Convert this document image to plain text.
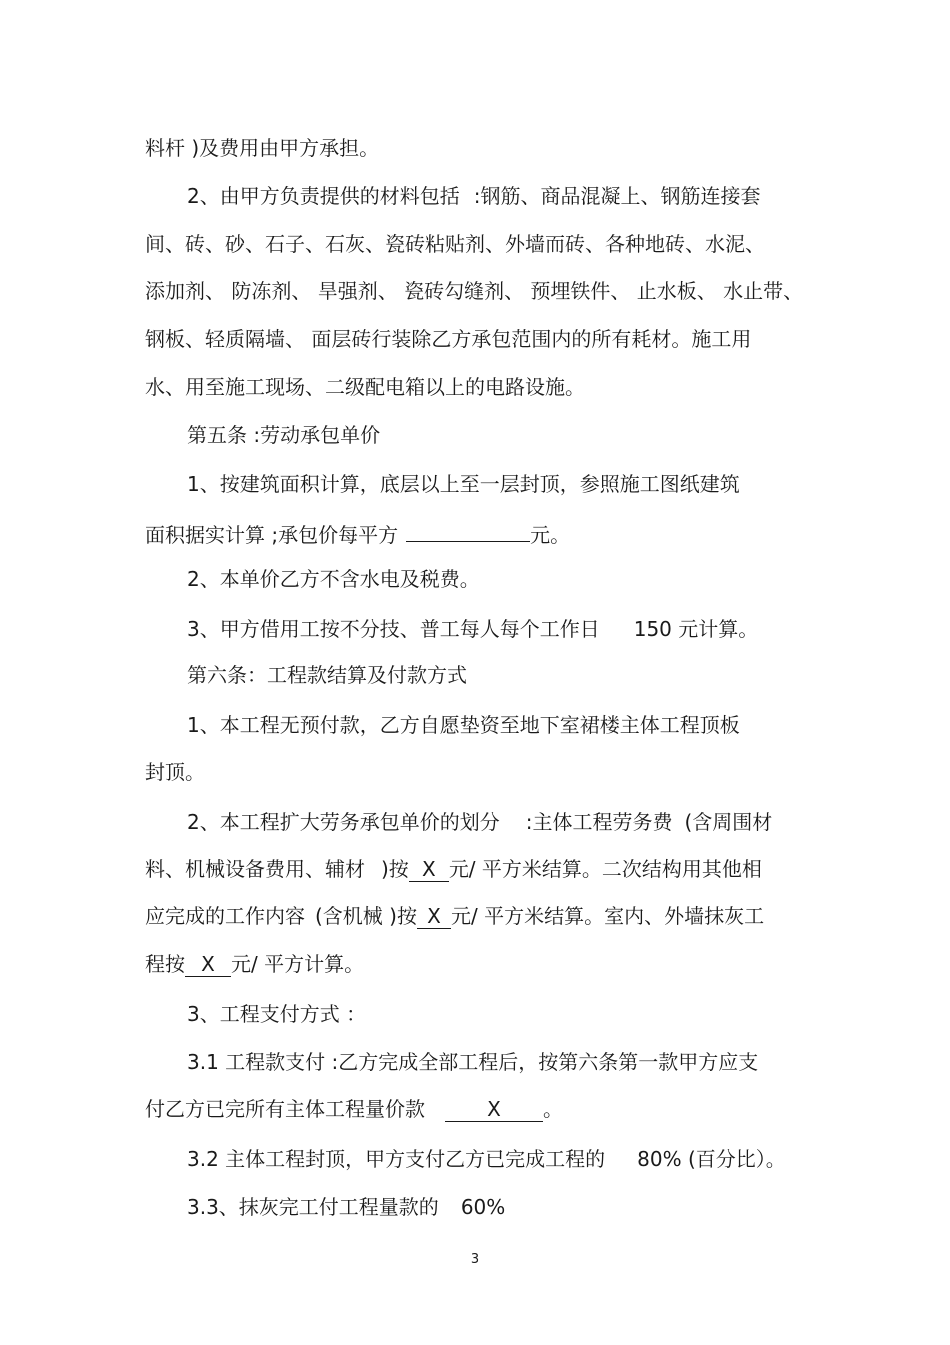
料杆 )及费用由甲方承担。
2、由甲方负责提供的材料包括 :钢筋、商品混凝上、钢筋连接套
间、砖、砂、石子、石灰、瓷砖粘贴剂、外墙而砖、各种地砖、水泥、
添加剂、 防冻剂、 旱强剂、 瓷砖勾缝剂、 预埋铁件、 止水板、 水止带、
钢板、轻质隔墙、 面层砖行装除乙方承包范围内的所有耗材。施工用
水、用至施工现场、二级配电箱以上的电路设施。
第五条 :劳动承包单价
1、按建筑面积计算，底层以上至一层封顶，参照施工图纸建筑
面积据实计算 ;承包价每平方	元。
2、本单价乙方不含水电及税费。
3、甲方借用工按不分技、普工每人每个工作日 150 元计算。
第六条：工程款结算及付款方式
1、本工程无预付款，乙方自愿垫资至地下室裙楼主体工程顶板
封顶。
2、本工程扩大劳务承包单价的划分 :主体工程劳务费 (含周围材
料、机械设备费用、辅材 )按 X 元/ 平方米结算。二次结构用其他相
应完成的工作内容 (含机械 )按 X 元/ 平方米结算。室内、外墙抹灰工
程按 X 元/ 平方计算。
3、工程支付方式 ：
3.1 工程款支付 :乙方完成全部工程后，按第六条第一款甲方应支
付乙方已完所有主体工程量价款	X 。
3.2 主体工程封顶，甲方支付乙方已完成工程的 80% (百分比）。
3.3、抹灰完工付工程量款的 60%
3
